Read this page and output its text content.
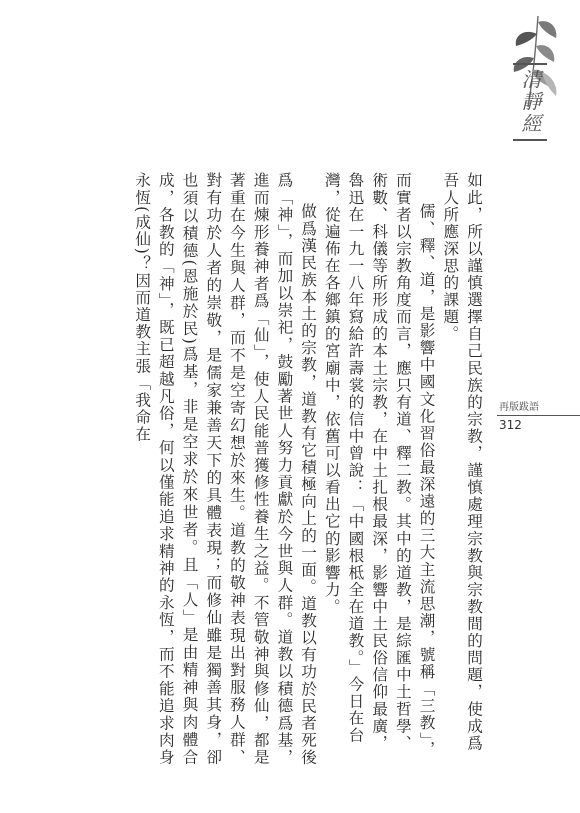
清靜經
再版跋語
312

如此，所以謹慎選擇自己民族的宗教，謹慎處理宗教與宗教間的問題，使成爲吾人所應深思的課題。

儒、釋、道，是影響中國文化習俗最深遠的三大主流思潮，號稱「三教」，而實者以宗教角度而言，應只有道、釋二教。其中的道教，是綜匯中土哲學、術數、科儀等所形成的本土宗教，在中土扎根最深，影響中土民俗信仰最廣，魯迅在一九一八年寫給許壽裳的信中曾說：「中國根柢全在道教。」今日在台灣，從遍佈在各鄉鎮的宮廟中，依舊可以看出它的影響力。

做爲漢民族本土的宗教，道教有它積極向上的一面。道教以有功於民者死後爲「神」，而加以崇祀，鼓勵著世人努力貢獻於今世與人群。道教以積德爲基，進而煉形養神者爲「仙」，使人民能普獲修性養生之益。不管敬神與修仙，都是著重在今生與人群，而不是空寄幻想於來生。道教的敬神表現出對服務人群、對有功於人者的崇敬，是儒家兼善天下的具體表現；而修仙雖是獨善其身，卻也須以積德(恩施於民)爲基，非是空求於來世者。且「人」是由精神與肉體合成，各教的「神」，既已超越凡俗，何以僅能追求精神的永恆，而不能追求肉身永恆(成仙)？因而道教主張「我命在
